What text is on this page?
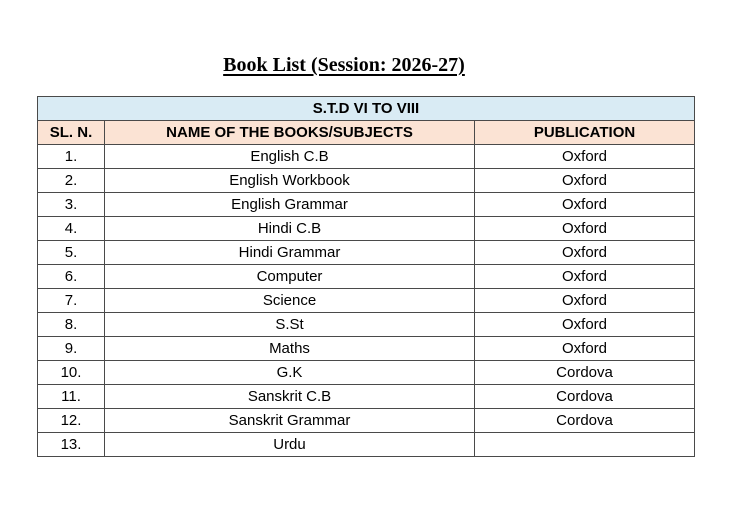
Book List (Session: 2026-27)
S.T.D VI TO VIII		
SL. N.	NAME OF THE BOOKS/SUBJECTS	PUBLICATION
1.	English C.B	Oxford
2.	English Workbook	Oxford
3.	English Grammar	Oxford
4.	Hindi C.B	Oxford
5.	Hindi Grammar	Oxford
6.	Computer	Oxford
7.	Science	Oxford
8.	S.St	Oxford
9.	Maths	Oxford
10.	G.K	Cordova
11.	Sanskrit C.B	Cordova
12.	Sanskrit Grammar	Cordova
13.	Urdu	
